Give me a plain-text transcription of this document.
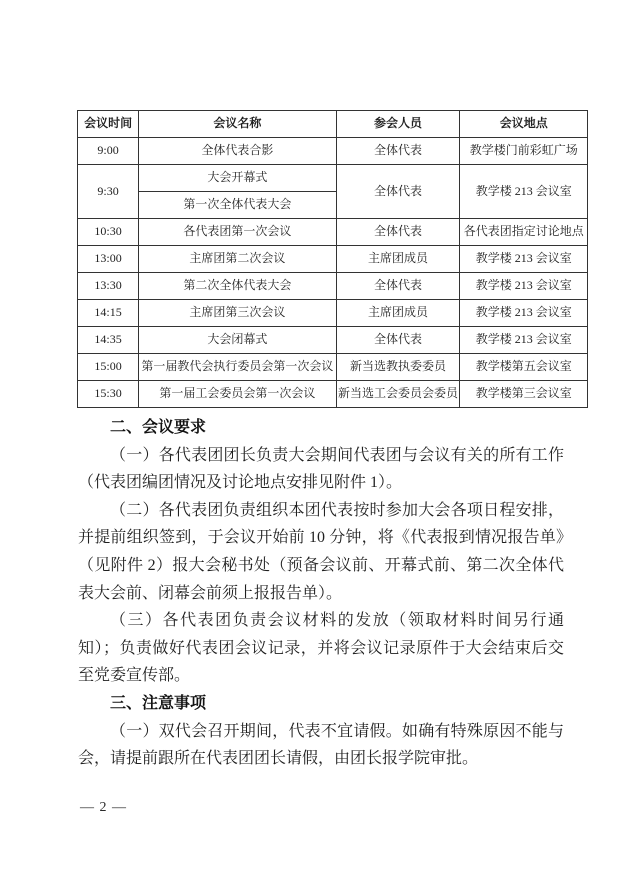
会议时间	会议名称	参会人员	会议地点
9:00	全体代表合影	全体代表	教学楼门前彩虹广场
9:30	大会开幕式	全体代表	教学楼 213 会议室
	第一次全体代表大会		
10:30	各代表团第一次会议	全体代表	各代表团指定讨论地点
13:00	主席团第二次会议	主席团成员	教学楼 213 会议室
13:30	第二次全体代表大会	全体代表	教学楼 213 会议室
14:15	主席团第三次会议	主席团成员	教学楼 213 会议室
14:35	大会闭幕式	全体代表	教学楼 213 会议室
15:00	第一届教代会执行委员会第一次会议	新当选教执委委员	教学楼第五会议室
15:30	第一届工会委员会第一次会议	新当选工会委员会委员	教学楼第三会议室
二、会议要求

（一）各代表团团长负责大会期间代表团与会议有关的所有工作（代表团编团情况及讨论地点安排见附件 1）。

（二）各代表团负责组织本团代表按时参加大会各项日程安排，并提前组织签到，于会议开始前 10 分钟，将《代表报到情况报告单》（见附件 2）报大会秘书处（预备会议前、开幕式前、第二次全体代表大会前、闭幕会前须上报报告单）。

（三）各代表团负责会议材料的发放（领取材料时间另行通知）；负责做好代表团会议记录，并将会议记录原件于大会结束后交至党委宣传部。

三、注意事项

（一）双代会召开期间，代表不宜请假。如确有特殊原因不能与会，请提前跟所在代表团团长请假，由团长报学院审批。

— 2 —
